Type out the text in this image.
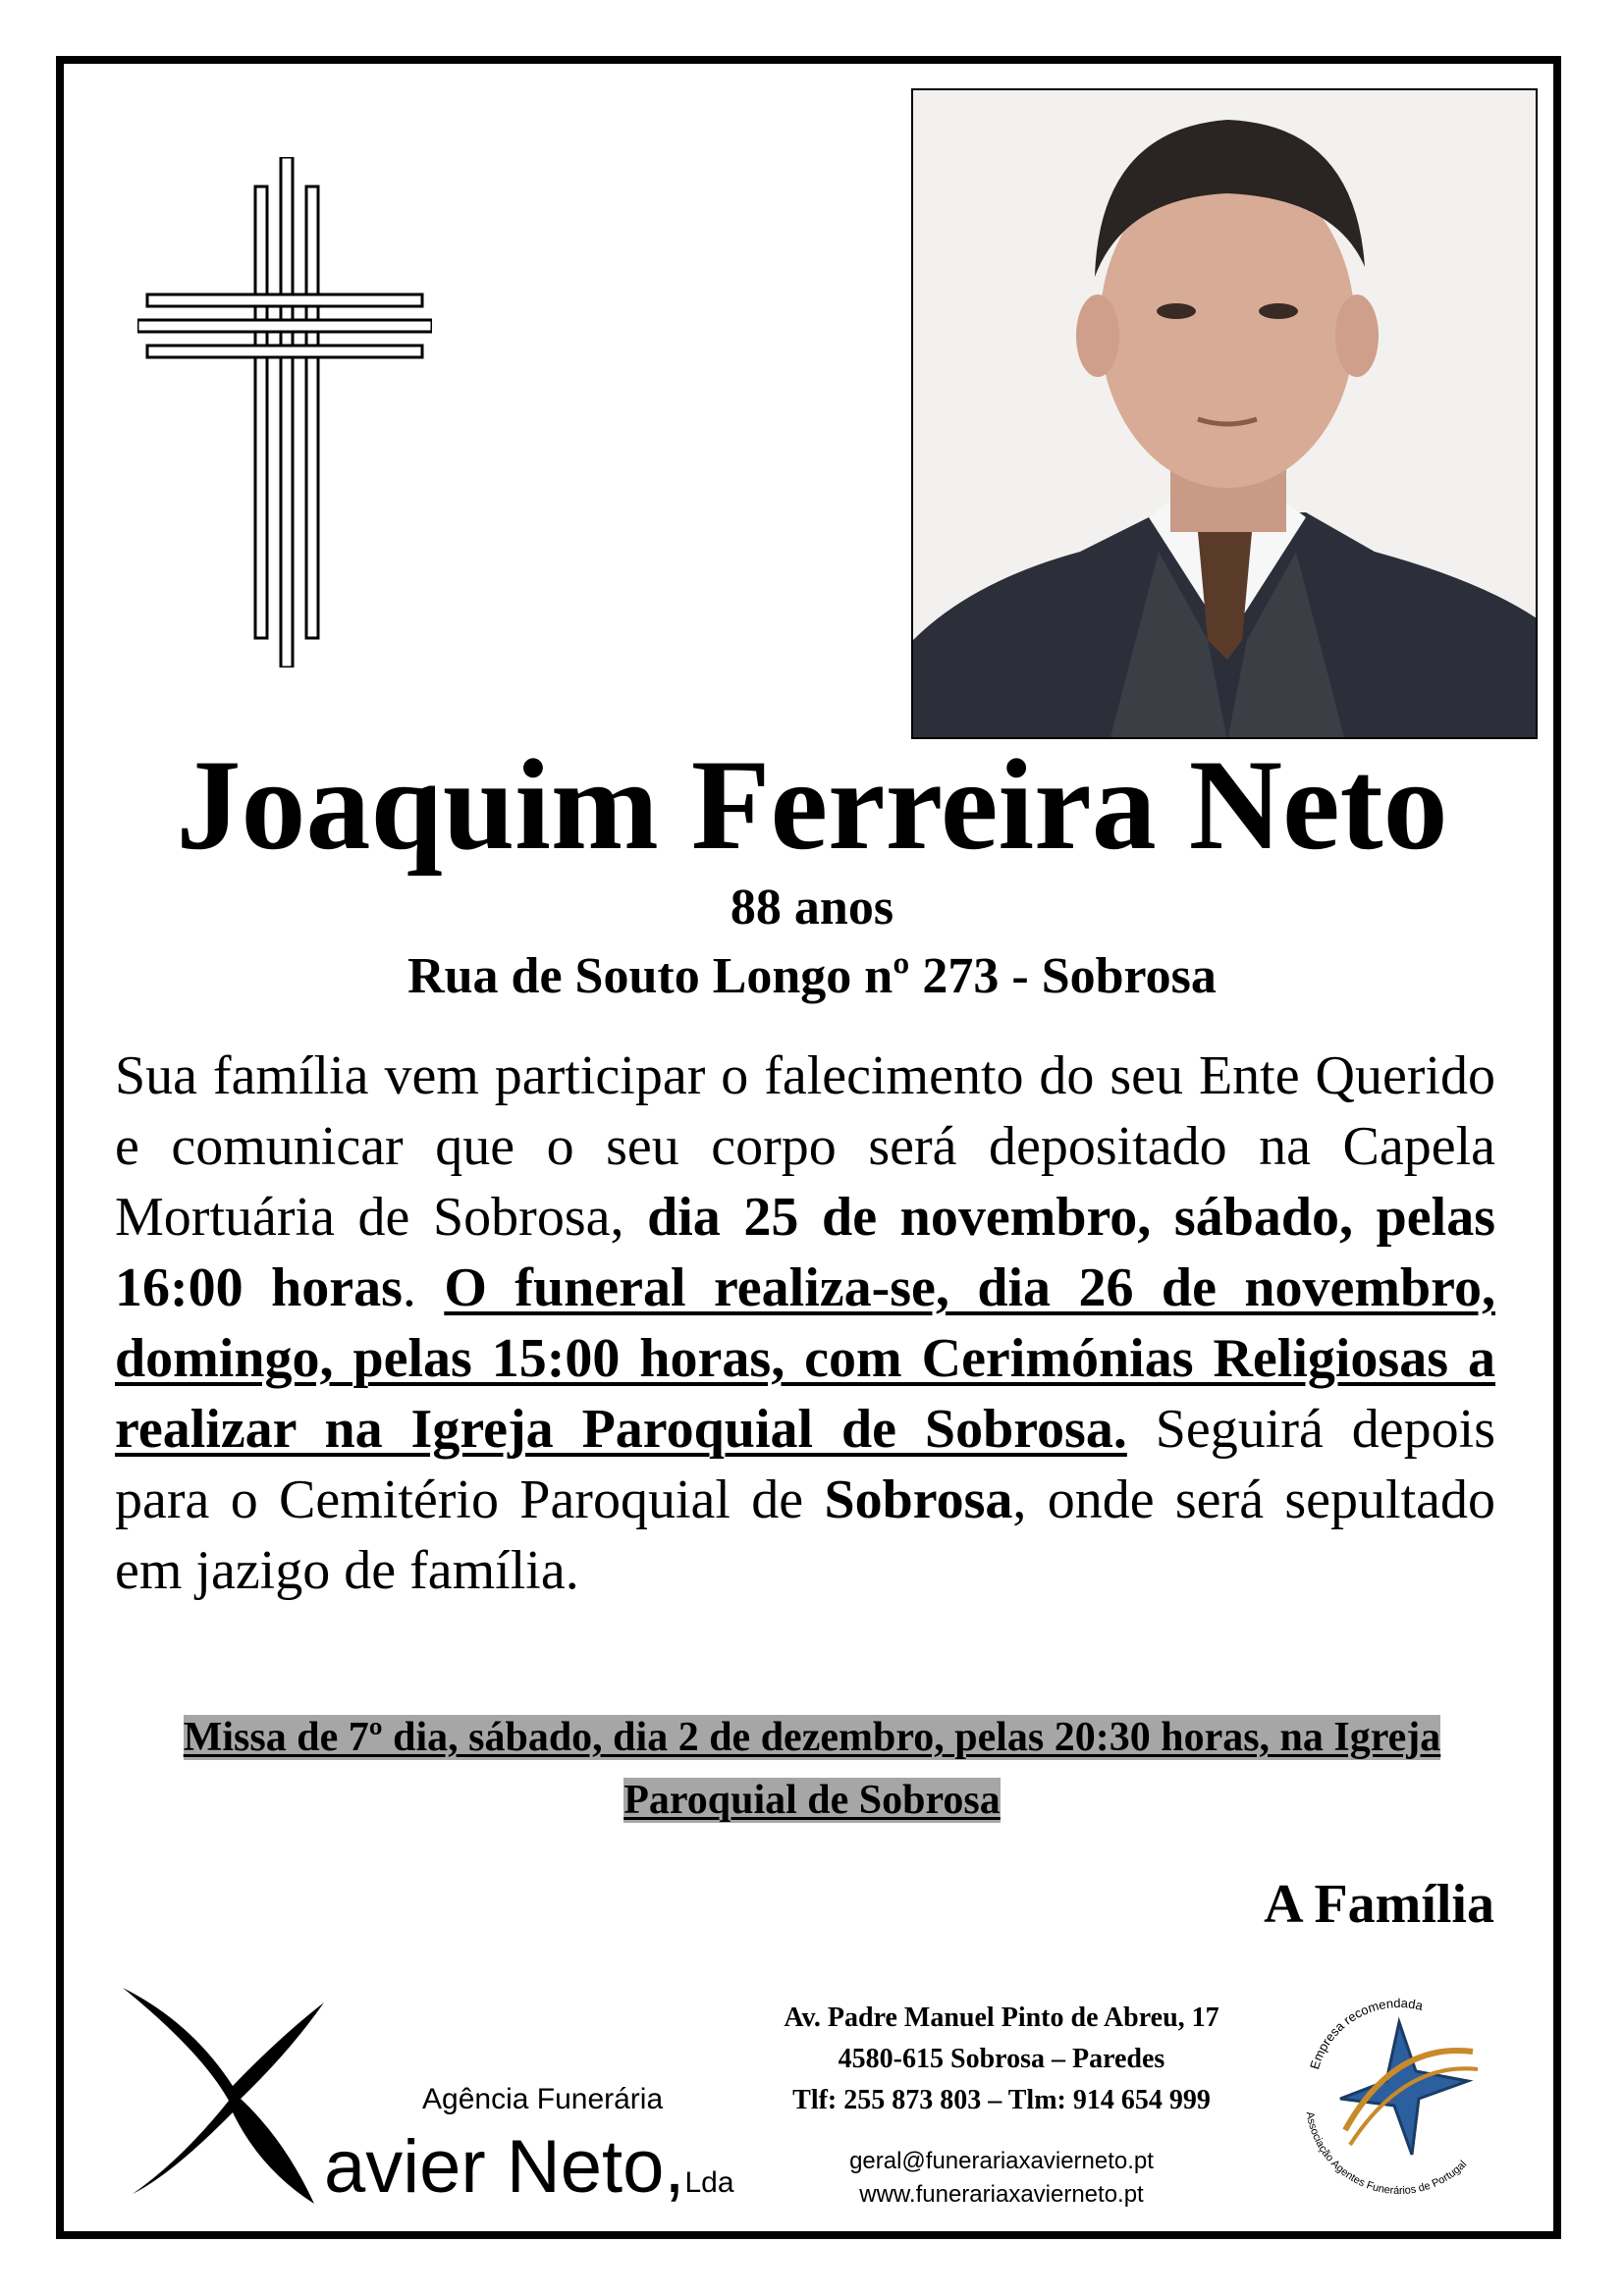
Joaquim Ferreira Neto
88 anos
Rua de Souto Longo nº 273 - Sobrosa
Sua família vem participar o falecimento do seu Ente Querido e comunicar que o seu corpo será depositado na Capela Mortuária de Sobrosa, dia 25 de novembro, sábado, pelas 16:00 horas. O funeral realiza-se, dia 26 de novembro, domingo, pelas 15:00 horas, com Cerimónias Religiosas a realizar na Igreja Paroquial de Sobrosa. Seguirá depois para o Cemitério Paroquial de Sobrosa, onde será sepultado em jazigo de família.
Missa de 7º dia, sábado, dia 2 de dezembro, pelas 20:30 horas, na Igreja Paroquial de Sobrosa
A Família
Agência Funerária
avier Neto,Lda
Av. Padre Manuel Pinto de Abreu, 17
4580-615 Sobrosa – Paredes
Tlf: 255 873 803 – Tlm: 914 654 999
geral@funerariaxavierneto.pt
www.funerariaxavierneto.pt
Empresa recomendada
Associação Agentes Funerários de Portugal
